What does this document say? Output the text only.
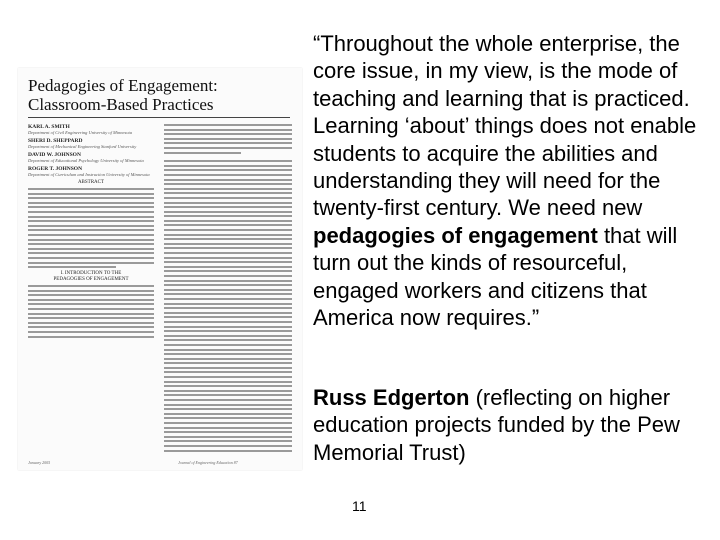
Pedagogies of Engagement:
Classroom-Based Practices
KARL A. SMITH
Department of Civil Engineering University of Minnesota
SHERI D. SHEPPARD
Department of Mechanical Engineering Stanford University
DAVID W. JOHNSON
Department of Educational Psychology University of Minnesota
ROGER T. JOHNSON
Department of Curriculum and Instruction University of Minnesota
ABSTRACT
I. INTRODUCTION TO THE
PEDAGOGIES OF ENGAGEMENT
January 2005	Journal of Engineering Education 87
“Throughout the whole enterprise, the core issue, in my view, is the mode of teaching and learning that is practiced. Learning ‘about’ things does not enable students to acquire the abilities and understanding they will need for the twenty-first century. We need new pedagogies of engagement that will turn out the kinds of resourceful, engaged workers and citizens that America now requires.”
Russ Edgerton (reflecting on higher education projects funded by the Pew Memorial Trust)
11
